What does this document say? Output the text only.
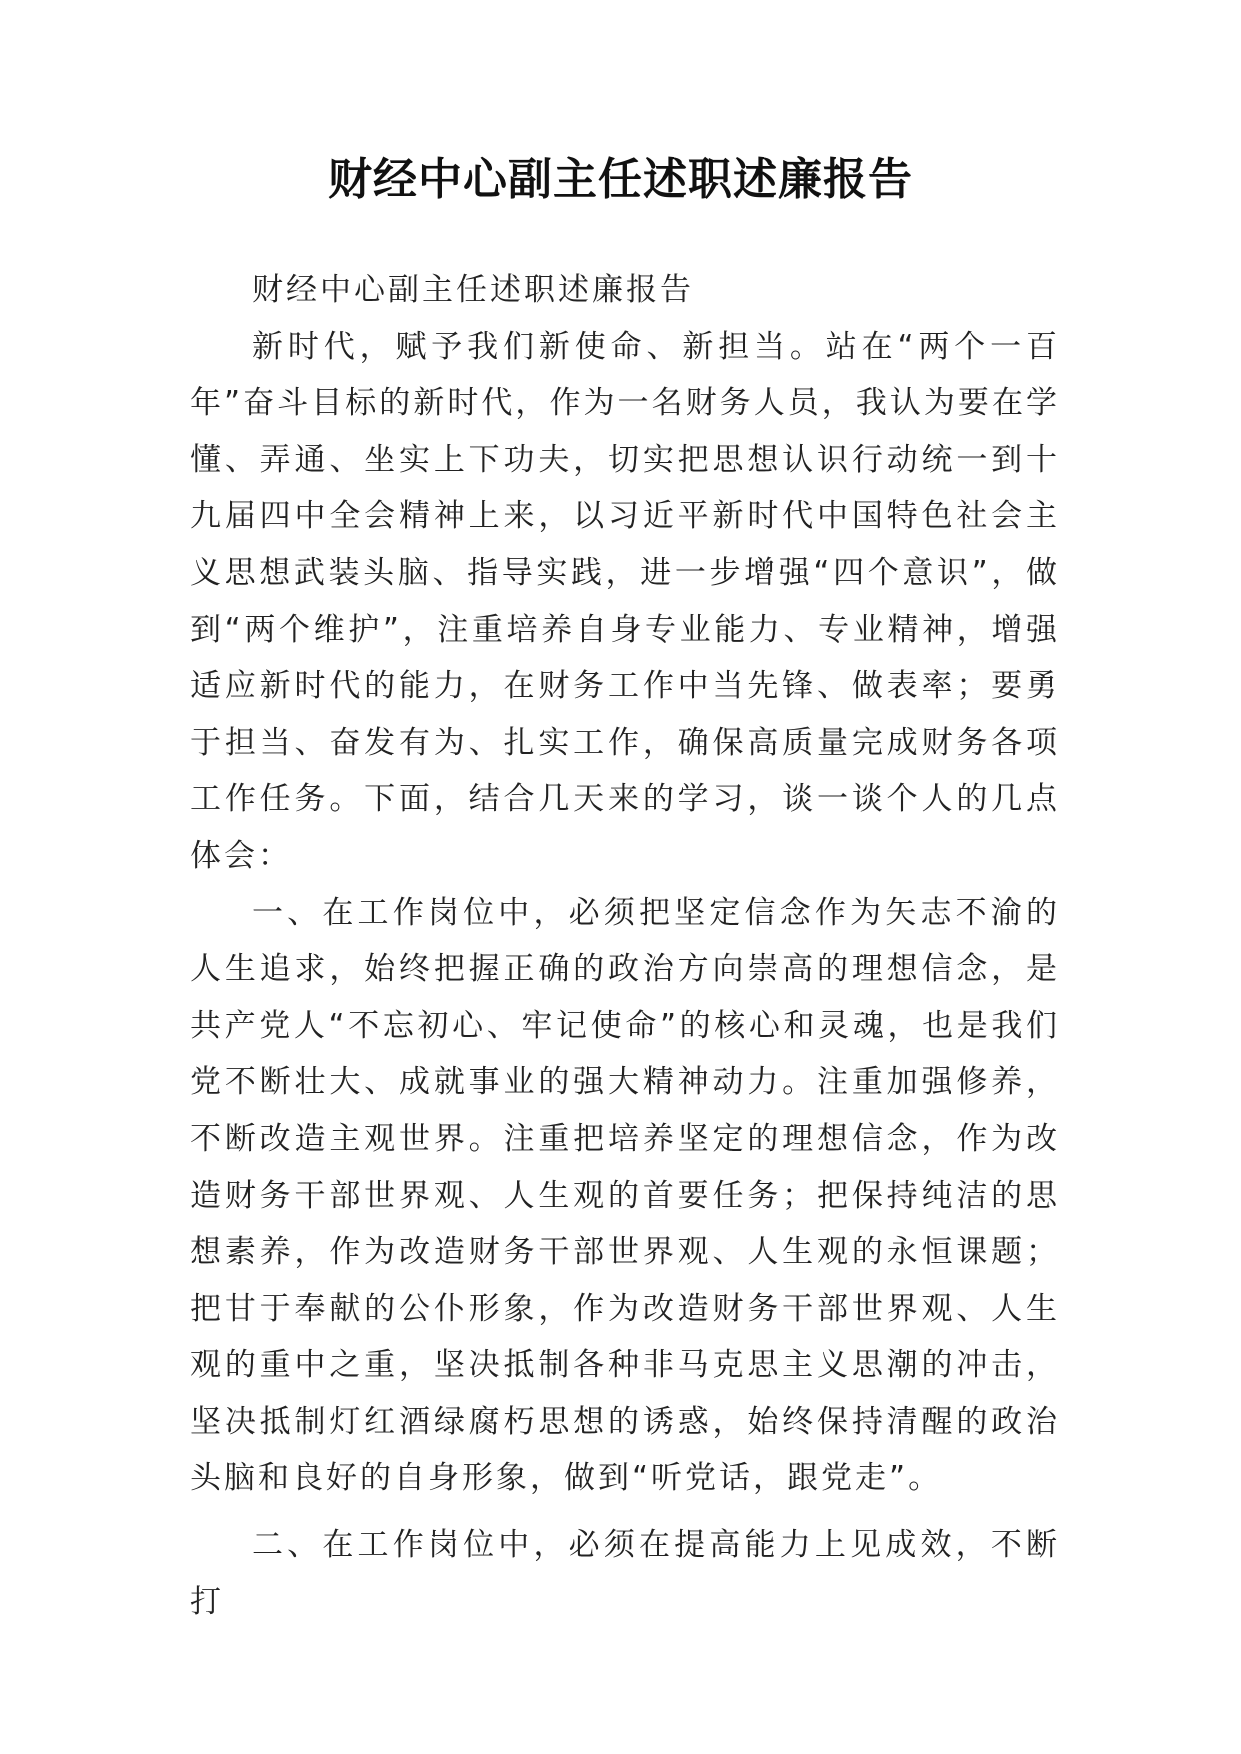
财经中心副主任述职述廉报告

财经中心副主任述职述廉报告

新时代，赋予我们新使命、新担当。站在“两个一百年”奋斗目标的新时代，作为一名财务人员，我认为要在学懂、弄通、坐实上下功夫，切实把思想认识行动统一到十九届四中全会精神上来，以习近平新时代中国特色社会主义思想武装头脑、指导实践，进一步增强“四个意识”，做到“两个维护”，注重培养自身专业能力、专业精神，增强适应新时代的能力，在财务工作中当先锋、做表率；要勇于担当、奋发有为、扎实工作，确保高质量完成财务各项工作任务。下面，结合几天来的学习，谈一谈个人的几点体会：

一、在工作岗位中，必须把坚定信念作为矢志不渝的人生追求，始终把握正确的政治方向崇高的理想信念，是共产党人“不忘初心、牢记使命”的核心和灵魂，也是我们党不断壮大、成就事业的强大精神动力。注重加强修养，不断改造主观世界。注重把培养坚定的理想信念，作为改造财务干部世界观、人生观的首要任务；把保持纯洁的思想素养，作为改造财务干部世界观、人生观的永恒课题；把甘于奉献的公仆形象，作为改造财务干部世界观、人生观的重中之重，坚决抵制各种非马克思主义思潮的冲击，坚决抵制灯红酒绿腐朽思想的诱惑，始终保持清醒的政治头脑和良好的自身形象，做到“听党话，跟党走”。

二、在工作岗位中，必须在提高能力上见成效，不断打
